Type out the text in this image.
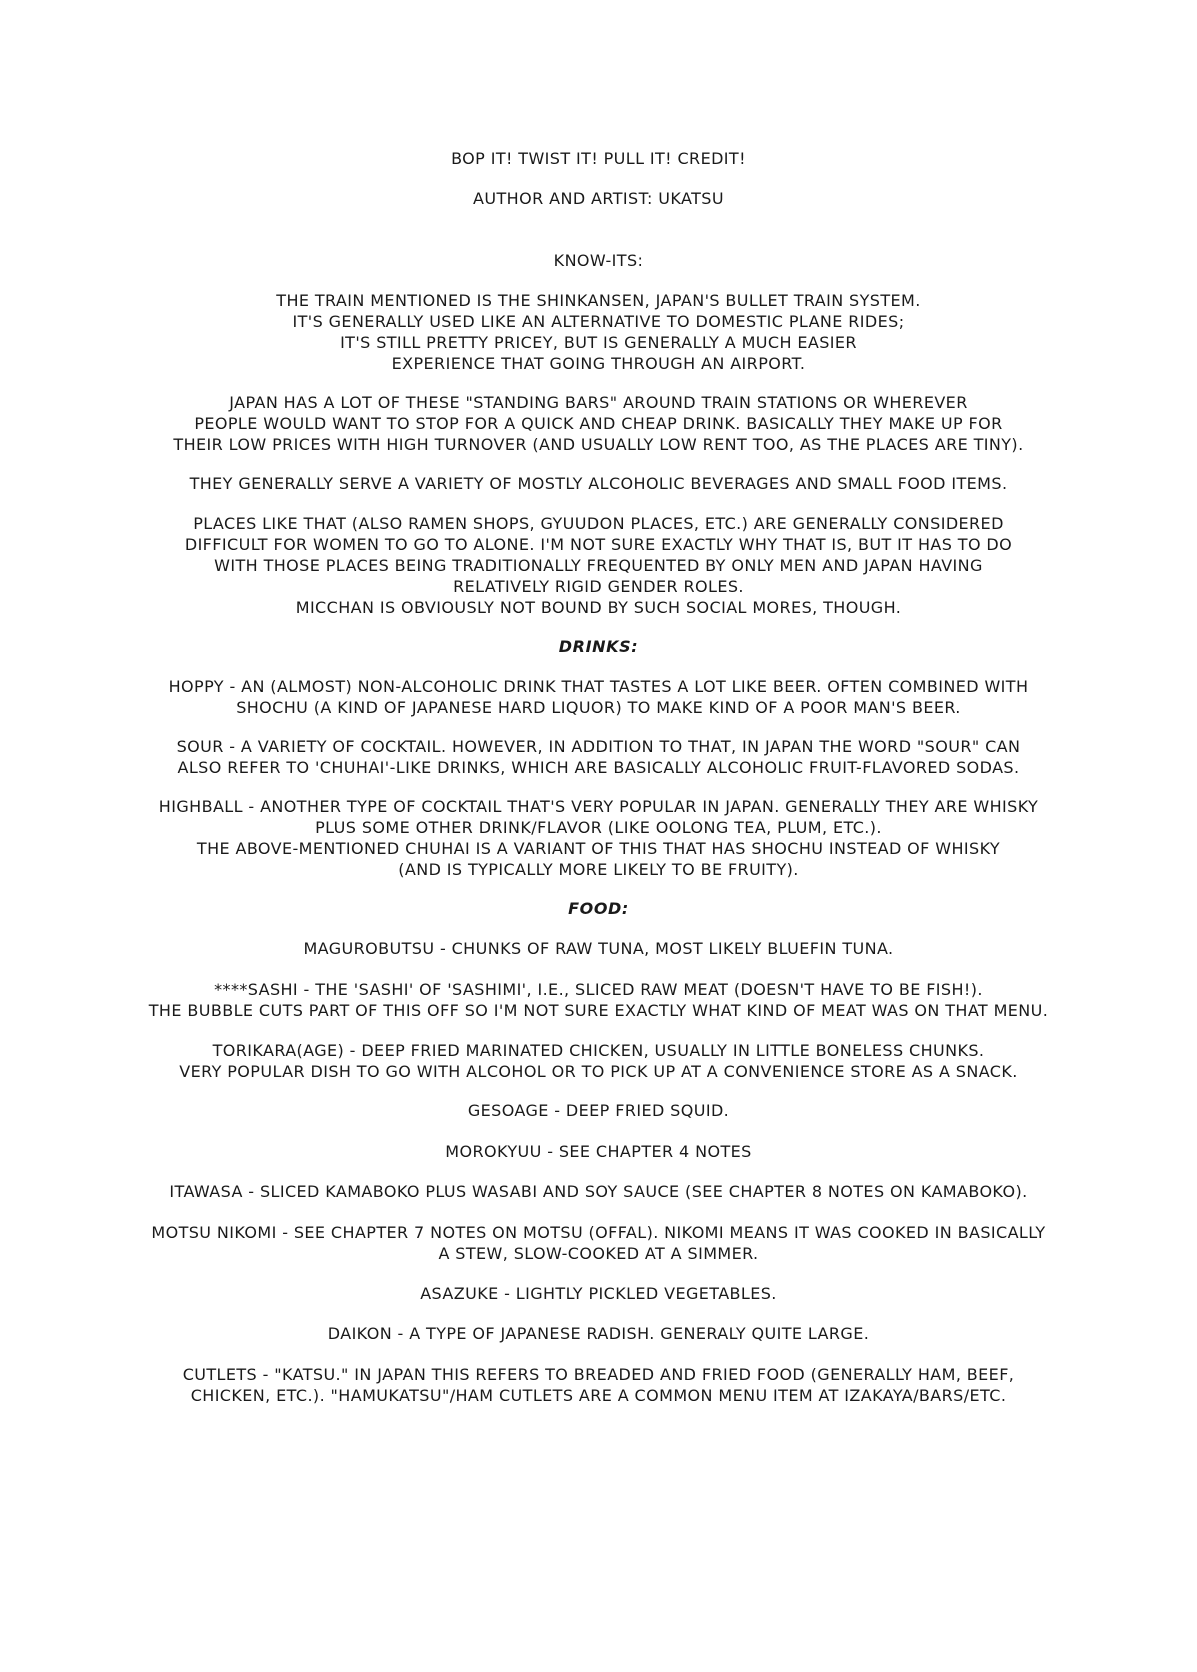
BOP IT! TWIST IT! PULL IT! CREDIT!
AUTHOR AND ARTIST: UKATSU
KNOW-ITS:
THE TRAIN MENTIONED IS THE SHINKANSEN, JAPAN'S BULLET TRAIN SYSTEM.
IT'S GENERALLY USED LIKE AN ALTERNATIVE TO DOMESTIC PLANE RIDES;
IT'S STILL PRETTY PRICEY, BUT IS GENERALLY A MUCH EASIER
EXPERIENCE THAT GOING THROUGH AN AIRPORT.
JAPAN HAS A LOT OF THESE "STANDING BARS" AROUND TRAIN STATIONS OR WHEREVER
PEOPLE WOULD WANT TO STOP FOR A QUICK AND CHEAP DRINK. BASICALLY THEY MAKE UP FOR
THEIR LOW PRICES WITH HIGH TURNOVER (AND USUALLY LOW RENT TOO, AS THE PLACES ARE TINY).
THEY GENERALLY SERVE A VARIETY OF MOSTLY ALCOHOLIC BEVERAGES AND SMALL FOOD ITEMS.
PLACES LIKE THAT (ALSO RAMEN SHOPS, GYUUDON PLACES, ETC.) ARE GENERALLY CONSIDERED
DIFFICULT FOR WOMEN TO GO TO ALONE. I'M NOT SURE EXACTLY WHY THAT IS, BUT IT HAS TO DO
WITH THOSE PLACES BEING TRADITIONALLY FREQUENTED BY ONLY MEN AND JAPAN HAVING
RELATIVELY RIGID GENDER ROLES.
MICCHAN IS OBVIOUSLY NOT BOUND BY SUCH SOCIAL MORES, THOUGH.
DRINKS:
HOPPY - AN (ALMOST) NON-ALCOHOLIC DRINK THAT TASTES A LOT LIKE BEER. OFTEN COMBINED WITH
SHOCHU (A KIND OF JAPANESE HARD LIQUOR) TO MAKE KIND OF A POOR MAN'S BEER.
SOUR - A VARIETY OF COCKTAIL. HOWEVER, IN ADDITION TO THAT, IN JAPAN THE WORD "SOUR" CAN
ALSO REFER TO 'CHUHAI'-LIKE DRINKS, WHICH ARE BASICALLY ALCOHOLIC FRUIT-FLAVORED SODAS.
HIGHBALL - ANOTHER TYPE OF COCKTAIL THAT'S VERY POPULAR IN JAPAN. GENERALLY THEY ARE WHISKY
PLUS SOME OTHER DRINK/FLAVOR (LIKE OOLONG TEA, PLUM, ETC.).
THE ABOVE-MENTIONED CHUHAI IS A VARIANT OF THIS THAT HAS SHOCHU INSTEAD OF WHISKY
(AND IS TYPICALLY MORE LIKELY TO BE FRUITY).
FOOD:
MAGUROBUTSU - CHUNKS OF RAW TUNA, MOST LIKELY BLUEFIN TUNA.
****SASHI - THE 'SASHI' OF 'SASHIMI', I.E., SLICED RAW MEAT (DOESN'T HAVE TO BE FISH!).
THE BUBBLE CUTS PART OF THIS OFF SO I'M NOT SURE EXACTLY WHAT KIND OF MEAT WAS ON THAT MENU.
TORIKARA(AGE) - DEEP FRIED MARINATED CHICKEN, USUALLY IN LITTLE BONELESS CHUNKS.
VERY POPULAR DISH TO GO WITH ALCOHOL OR TO PICK UP AT A CONVENIENCE STORE AS A SNACK.
GESOAGE - DEEP FRIED SQUID.
MOROKYUU - SEE CHAPTER 4 NOTES
ITAWASA - SLICED KAMABOKO PLUS WASABI AND SOY SAUCE (SEE CHAPTER 8 NOTES ON KAMABOKO).
MOTSU NIKOMI - SEE CHAPTER 7 NOTES ON MOTSU (OFFAL). NIKOMI MEANS IT WAS COOKED IN BASICALLY
A STEW, SLOW-COOKED AT A SIMMER.
ASAZUKE - LIGHTLY PICKLED VEGETABLES.
DAIKON - A TYPE OF JAPANESE RADISH. GENERALY QUITE LARGE.
CUTLETS - "KATSU." IN JAPAN THIS REFERS TO BREADED AND FRIED FOOD (GENERALLY HAM, BEEF,
CHICKEN, ETC.). "HAMUKATSU"/HAM CUTLETS ARE A COMMON MENU ITEM AT IZAKAYA/BARS/ETC.
